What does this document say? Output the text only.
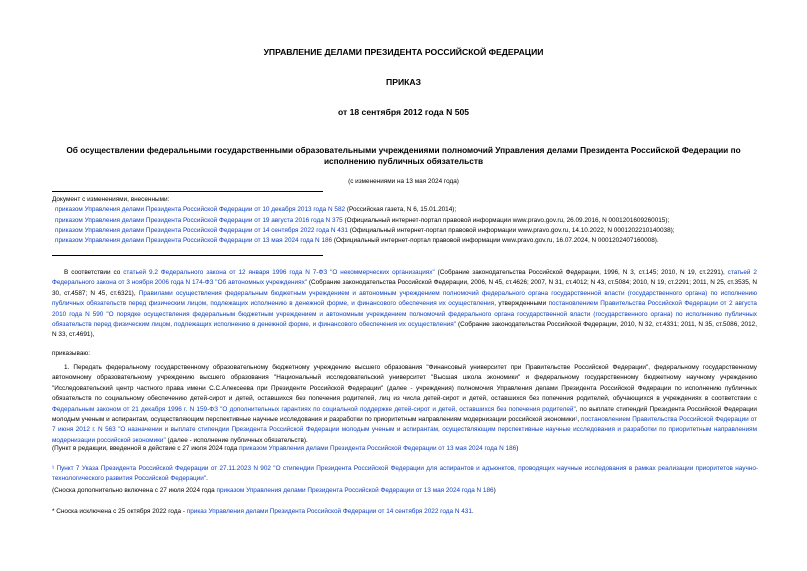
УПРАВЛЕНИЕ ДЕЛАМИ ПРЕЗИДЕНТА РОССИЙСКОЙ ФЕДЕРАЦИИ
ПРИКАЗ
от 18 сентября 2012 года N 505
Об осуществлении федеральными государственными образовательными учреждениями полномочий Управления делами Президента Российской Федерации по
исполнению публичных обязательств
(с изменениями на 13 мая 2024 года)
Документ с изменениями, внесенными:
приказом Управления делами Президента Российской Федерации от 10 декабря 2013 года N 582 (Российская газета, N 6, 15.01.2014);
приказом Управления делами Президента Российской Федерации от 19 августа 2016 года N 375 (Официальный интернет-портал правовой информации www.pravo.gov.ru, 26.09.2016, N 0001201609260015);
приказом Управления делами Президента Российской Федерации от 14 сентября 2022 года N 431 (Официальный интернет-портал правовой информации www.pravo.gov.ru, 14.10.2022, N 0001202210140038);
приказом Управления делами Президента Российской Федерации от 13 мая 2024 года N 186 (Официальный интернет-портал правовой информации www.pravo.gov.ru, 16.07.2024, N 0001202407160008).
В соответствии со статьей 9.2 Федерального закона от 12 января 1996 года N 7-ФЗ "О некоммерческих организациях" (Собрание законодательства Российской Федерации, 1996, N 3, ст.145; 2010, N 19, ст.2291), статьей 2 Федерального закона от 3 ноября 2006 года N 174-ФЗ "Об автономных учреждениях" (Собрание законодательства Российской Федерации, 2006, N 45, ст.4626; 2007, N 31, ст.4012; N 43, ст.5084; 2010, N 19, ст.2291; 2011, N 25, ст.3535, N 30, ст.4587; N 45, ст.6321), Правилами осуществления федеральным бюджетным учреждением и автономным учреждением полномочий федерального органа государственной власти (государственного органа) по исполнению публичных обязательств перед физическим лицом, подлежащих исполнению в денежной форме, и финансового обеспечения их осуществления, утвержденными постановлением Правительства Российской Федерации от 2 августа 2010 года N 590 "О порядке осуществления федеральным бюджетным учреждением и автономным учреждением полномочий федерального органа государственной власти (государственного органа) по исполнению публичных обязательств перед физическим лицом, подлежащих исполнению в денежной форме, и финансового обеспечения их осуществления" (Собрание законодательства Российской Федерации, 2010, N 32, ст.4331; 2011, N 35, ст.5086, 2012, N 33, ст.4691),
приказываю:
1. Передать федеральному государственному образовательному бюджетному учреждению высшего образования "Финансовый университет при Правительстве Российской Федерации", федеральному государственному автономному образовательному учреждению высшего образования "Национальный исследовательский университет "Высшая школа экономики" и федеральному государственному бюджетному научному учреждению "Исследовательский центр частного права имени С.С.Алексеева при Президенте Российской Федерации" (далее - учреждения) полномочия Управления делами Президента Российской Федерации по исполнению публичных обязательств по социальному обеспечению детей-сирот и детей, оставшихся без попечения родителей, лиц из числа детей-сирот и детей, оставшихся без попечения родителей, обучающихся в учреждениях в соответствии с Федеральным законом от 21 декабря 1996 г. N 159-ФЗ "О дополнительных гарантиях по социальной поддержке детей-сирот и детей, оставшихся без попечения родителей", по выплате стипендий Президента Российской Федерации молодым ученым и аспирантам, осуществляющим перспективные научные исследования и разработки по приоритетным направлениям модернизации российской экономики¹, постановлением Правительства Российской Федерации от 7 июня 2012 г. N 563 "О назначении и выплате стипендии Президента Российской Федерации молодым ученым и аспирантам, осуществляющим перспективные научные исследования и разработки по приоритетным направлениям модернизации российской экономики" (далее - исполнение публичных обязательств).
(Пункт в редакции, введенной в действие с 27 июля 2024 года приказом Управления делами Президента Российской Федерации от 13 мая 2024 года N 186)
¹ Пункт 7 Указа Президента Российской Федерации от 27.11.2023 N 902 "О стипендии Президента Российской Федерации для аспирантов и адъюнктов, проводящих научные исследования в рамках реализации приоритетов научно-технологического развития Российской Федерации".
(Сноска дополнительно включена с 27 июля 2024 года приказом Управления делами Президента Российской Федерации от 13 мая 2024 года N 186)
* Сноска исключена с 25 октября 2022 года - приказ Управления делами Президента Российской Федерации от 14 сентября 2022 года N 431.
